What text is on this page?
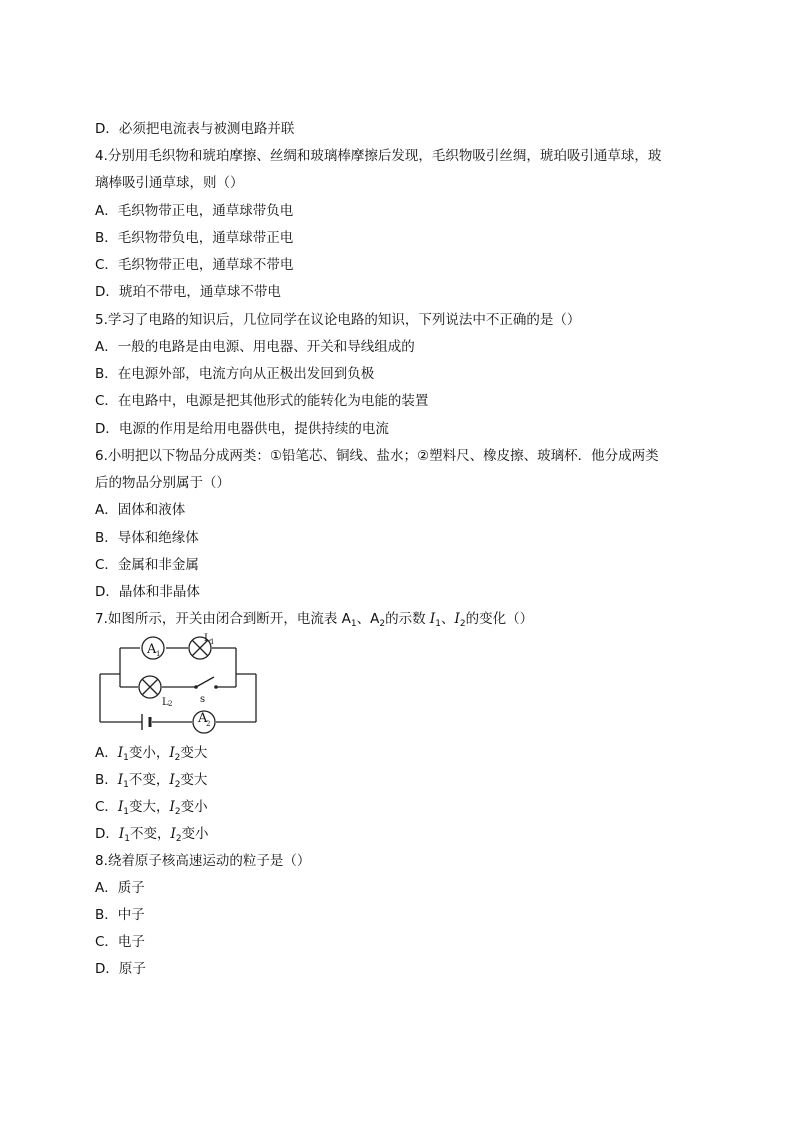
D．必须把电流表与被测电路并联
4.分别用毛织物和琥珀摩擦、丝绸和玻璃棒摩擦后发现，毛织物吸引丝绸，琥珀吸引通草球，玻
璃棒吸引通草球，则（）
A．毛织物带正电，通草球带负电
B．毛织物带负电，通草球带正电
C．毛织物带正电，通草球不带电
D．琥珀不带电，通草球不带电
5.学习了电路的知识后，几位同学在议论电路的知识，下列说法中不正确的是（）
A．一般的电路是由电源、用电器、开关和导线组成的
B．在电源外部，电流方向从正极出发回到负极
C．在电路中，电源是把其他形式的能转化为电能的装置
D．电源的作用是给用电器供电，提供持续的电流
6.小明把以下物品分成两类：①铅笔芯、铜线、盐水；②塑料尺、橡皮擦、玻璃杯．他分成两类
后的物品分别属于（）
A．固体和液体
B．导体和绝缘体
C．金属和非金属
D．晶体和非晶体
7.如图所示，开关由闭合到断开，电流表 $A_1$、$A_2$的示数 $I_1$、$I_2$的变化（）
A 1
A
2
L 1
L 2	s
A．$I_1$变小，$I_2$变大
B．$I_1$不变，$I_2$变大
C．$I_1$变大，$I_2$变小
D．$I_1$不变，$I_2$变小
8.绕着原子核高速运动的粒子是（）
A．质子
B．中子
C．电子
D．原子
